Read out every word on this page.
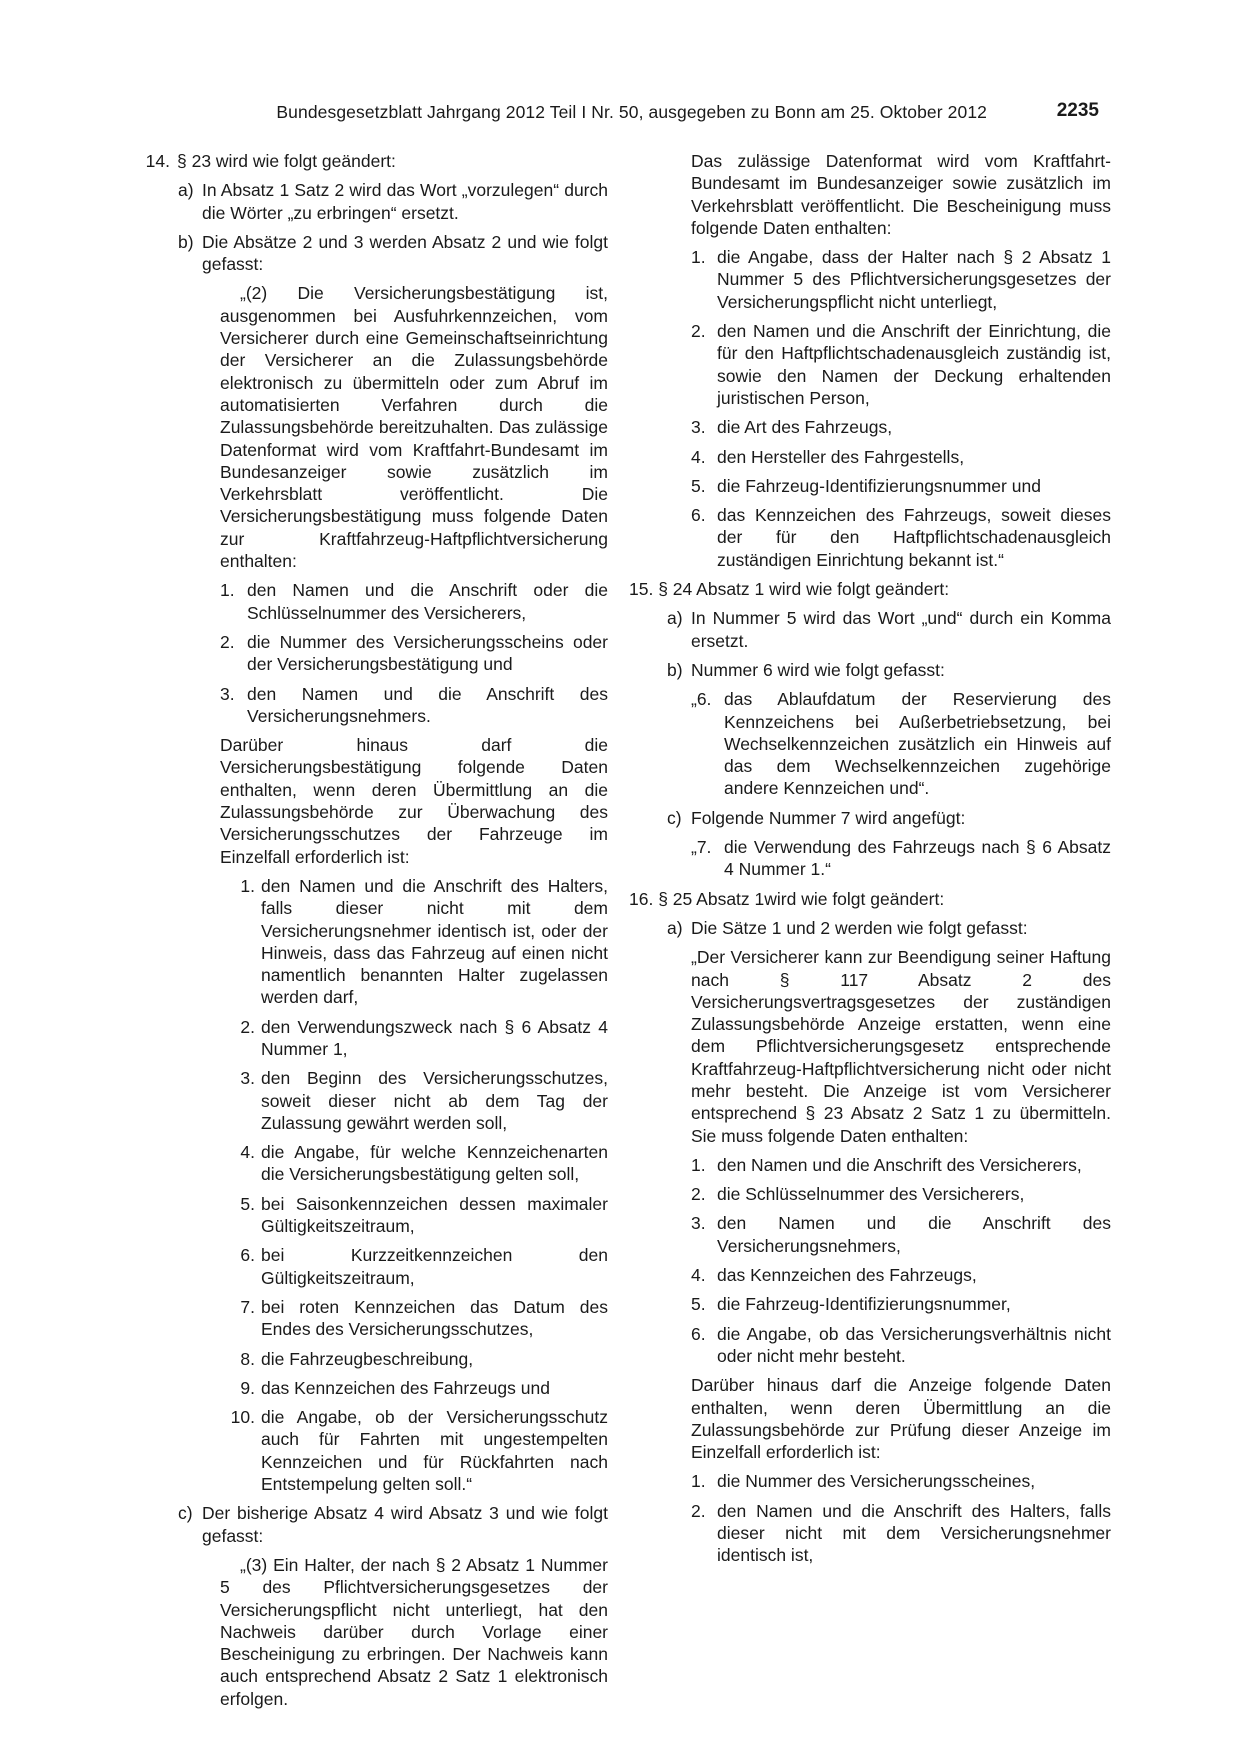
Bundesgesetzblatt Jahrgang 2012 Teil I Nr. 50, ausgegeben zu Bonn am 25. Oktober 2012	2235
14. § 23 wird wie folgt geändert:
a) In Absatz 1 Satz 2 wird das Wort „vorzulegen“ durch die Wörter „zu erbringen“ ersetzt.
b) Die Absätze 2 und 3 werden Absatz 2 und wie folgt gefasst:
„(2) Die Versicherungsbestätigung ist, ausgenommen bei Ausfuhrkennzeichen, vom Versicherer durch eine Gemeinschaftseinrichtung der Versicherer an die Zulassungsbehörde elektronisch zu übermitteln oder zum Abruf im automatisierten Verfahren durch die Zulassungsbehörde bereitzuhalten. Das zulässige Datenformat wird vom Kraftfahrt-Bundesamt im Bundesanzeiger sowie zusätzlich im Verkehrsblatt veröffentlicht. Die Versicherungsbestätigung muss folgende Daten zur Kraftfahrzeug-Haftpflichtversicherung enthalten:
1. den Namen und die Anschrift oder die Schlüsselnummer des Versicherers,
2. die Nummer des Versicherungsscheins oder der Versicherungsbestätigung und
3. den Namen und die Anschrift des Versicherungsnehmers.
Darüber hinaus darf die Versicherungsbestätigung folgende Daten enthalten, wenn deren Übermittlung an die Zulassungsbehörde zur Überwachung des Versicherungsschutzes der Fahrzeuge im Einzelfall erforderlich ist:
1. den Namen und die Anschrift des Halters, falls dieser nicht mit dem Versicherungsnehmer identisch ist, oder der Hinweis, dass das Fahrzeug auf einen nicht namentlich benannten Halter zugelassen werden darf,
2. den Verwendungszweck nach § 6 Absatz 4 Nummer 1,
3. den Beginn des Versicherungsschutzes, soweit dieser nicht ab dem Tag der Zulassung gewährt werden soll,
4. die Angabe, für welche Kennzeichenarten die Versicherungsbestätigung gelten soll,
5. bei Saisonkennzeichen dessen maximaler Gültigkeitszeitraum,
6. bei Kurzzeitkennzeichen den Gültigkeitszeitraum,
7. bei roten Kennzeichen das Datum des Endes des Versicherungsschutzes,
8. die Fahrzeugbeschreibung,
9. das Kennzeichen des Fahrzeugs und
10. die Angabe, ob der Versicherungsschutz auch für Fahrten mit ungestempelten Kennzeichen und für Rückfahrten nach Entstempelung gelten soll.“
c) Der bisherige Absatz 4 wird Absatz 3 und wie folgt gefasst:
„(3) Ein Halter, der nach § 2 Absatz 1 Nummer 5 des Pflichtversicherungsgesetzes der Versicherungspflicht nicht unterliegt, hat den Nachweis darüber durch Vorlage einer Bescheinigung zu erbringen. Der Nachweis kann auch entsprechend Absatz 2 Satz 1 elektronisch erfolgen.
Das zulässige Datenformat wird vom Kraftfahrt-Bundesamt im Bundesanzeiger sowie zusätzlich im Verkehrsblatt veröffentlicht. Die Bescheinigung muss folgende Daten enthalten:
1. die Angabe, dass der Halter nach § 2 Absatz 1 Nummer 5 des Pflichtversicherungsgesetzes der Versicherungspflicht nicht unterliegt,
2. den Namen und die Anschrift der Einrichtung, die für den Haftpflichtschadenausgleich zuständig ist, sowie den Namen der Deckung erhaltenden juristischen Person,
3. die Art des Fahrzeugs,
4. den Hersteller des Fahrgestells,
5. die Fahrzeug-Identifizierungsnummer und
6. das Kennzeichen des Fahrzeugs, soweit dieses der für den Haftpflichtschadenausgleich zuständigen Einrichtung bekannt ist.“
15. § 24 Absatz 1 wird wie folgt geändert:
a) In Nummer 5 wird das Wort „und“ durch ein Komma ersetzt.
b) Nummer 6 wird wie folgt gefasst:
„6. das Ablaufdatum der Reservierung des Kennzeichens bei Außerbetriebsetzung, bei Wechselkennzeichen zusätzlich ein Hinweis auf das dem Wechselkennzeichen zugehörige andere Kennzeichen und“.
c) Folgende Nummer 7 wird angefügt:
„7. die Verwendung des Fahrzeugs nach § 6 Absatz 4 Nummer 1.“
16. § 25 Absatz 1wird wie folgt geändert:
a) Die Sätze 1 und 2 werden wie folgt gefasst:
„Der Versicherer kann zur Beendigung seiner Haftung nach § 117 Absatz 2 des Versicherungsvertragsgesetzes der zuständigen Zulassungsbehörde Anzeige erstatten, wenn eine dem Pflichtversicherungsgesetz entsprechende Kraftfahrzeug-Haftpflichtversicherung nicht oder nicht mehr besteht. Die Anzeige ist vom Versicherer entsprechend § 23 Absatz 2 Satz 1 zu übermitteln. Sie muss folgende Daten enthalten:
1. den Namen und die Anschrift des Versicherers,
2. die Schlüsselnummer des Versicherers,
3. den Namen und die Anschrift des Versicherungsnehmers,
4. das Kennzeichen des Fahrzeugs,
5. die Fahrzeug-Identifizierungsnummer,
6. die Angabe, ob das Versicherungsverhältnis nicht oder nicht mehr besteht.
Darüber hinaus darf die Anzeige folgende Daten enthalten, wenn deren Übermittlung an die Zulassungsbehörde zur Prüfung dieser Anzeige im Einzelfall erforderlich ist:
1. die Nummer des Versicherungsscheines,
2. den Namen und die Anschrift des Halters, falls dieser nicht mit dem Versicherungsnehmer identisch ist,
